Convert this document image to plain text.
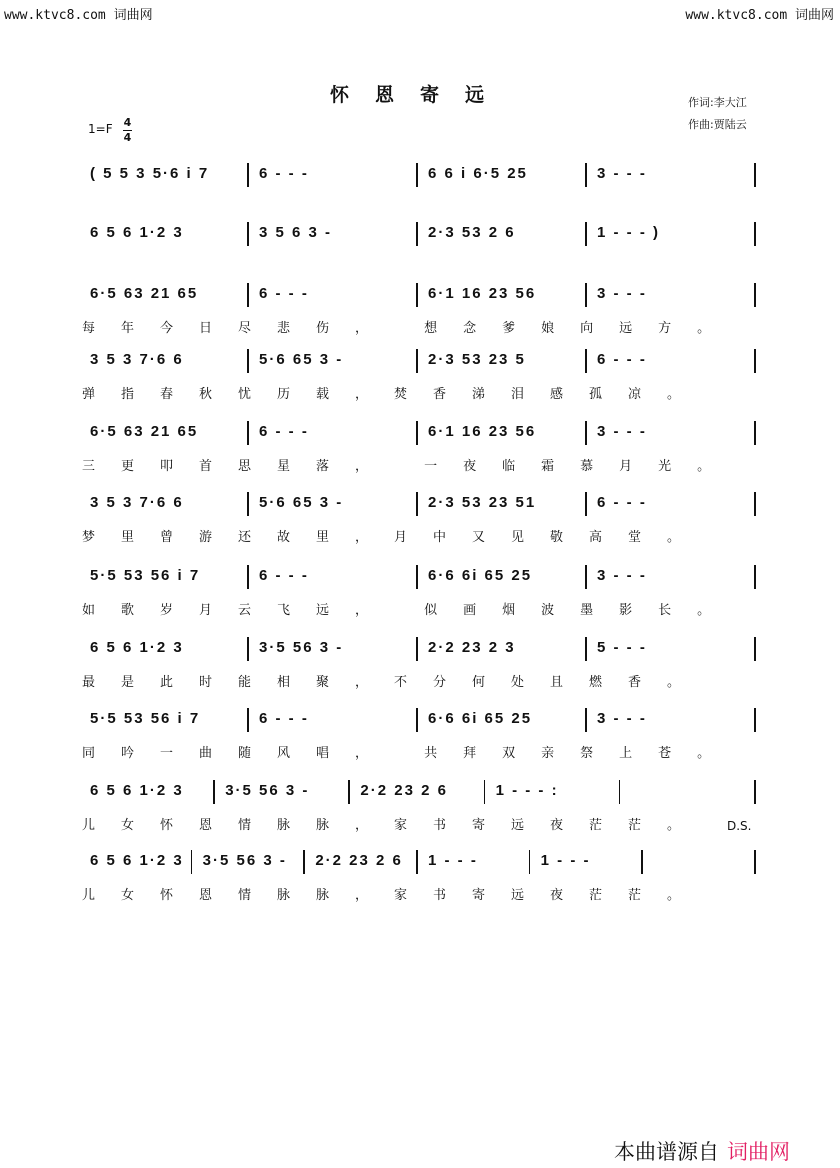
www.ktvc8.com 词曲网	www.ktvc8.com 词曲网
怀恩寄远	作词:李大江
作曲:贾陆云
1=F 4
4
( 5 5 3 5·6 i 7	6 - - -	6 6 i 6·5 25	3 - - -
6 5 6 1·2 3	3 5 6 3 -	2·3 53 2 6	1 - - - )
6·5 63 21 65	6 - - -	6·1 16 23 56	3 - - -
每年今日尽悲伤， 想念爹娘向远方。
3 5 3 7·6 6	5·6 65 3 -	2·3 53 23 5	6 - - -
弹指春秋忧历载，焚香涕泪感孤凉。
6·5 63 21 65	6 - - -	6·1 16 23 56	3 - - -
三更叩首思星落， 一夜临霜慕月光。
3 5 3 7·6 6	5·6 65 3 -	2·3 53 23 51	6 - - -
梦里曾游还故里，月中又见敬高堂。
5·5 53 56 i 7	6 - - -	6·6 6i 65 25	3 - - -
如歌岁月云飞远， 似画烟波墨影长。
6 5 6 1·2 3	3·5 56 3 -	2·2 23 2 3	5 - - -
最是此时能相聚，不分何处且燃香。
5·5 53 56 i 7	6 - - -	6·6 6i 65 25	3 - - -
同吟一曲随风唱， 共拜双亲祭上苍。
6 5 6 1·2 3	3·5 56 3 -	2·2 23 2 6	1 - - - :
儿女怀恩情脉脉，家书寄远夜茫茫。
6 5 6 1·2 3 3·5 56 3 - 2·2 23 2 6 1 - - -	1 - - -
儿女怀恩情脉脉，家书寄远夜茫茫。
D.S.
本曲谱源自 词曲网
